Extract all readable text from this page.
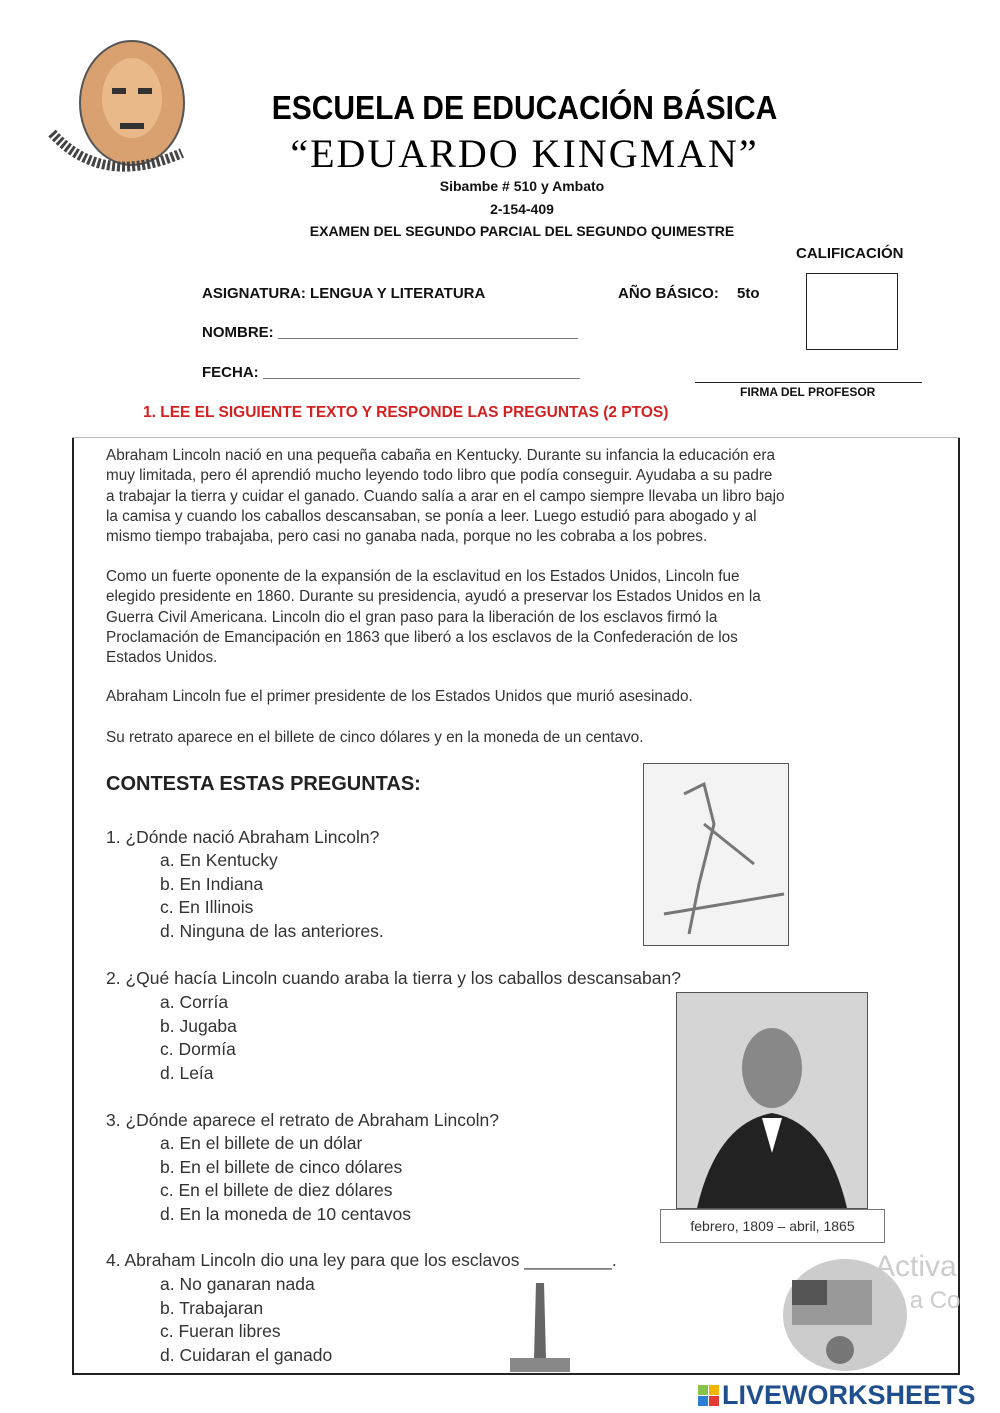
ESCUELA DE EDUCACIÓN BÁSICA
“EDUARDO KINGMAN”
Sibambe # 510 y Ambato
2-154-409
EXAMEN DEL SEGUNDO PARCIAL DEL SEGUNDO QUIMESTRE
CALIFICACIÓN
ASIGNATURA: LENGUA Y LITERATURA	AÑO BÁSICO: 5to
NOMBRE: ____________________________________
FECHA: ______________________________________
FIRMA DEL PROFESOR
1. LEE EL SIGUIENTE TEXTO Y RESPONDE LAS PREGUNTAS (2 PTOS)
Abraham Lincoln nació en una pequeña cabaña en Kentucky. Durante su infancia la educación era
muy limitada, pero él aprendió mucho leyendo todo libro que podía conseguir. Ayudaba a su padre
a trabajar la tierra y cuidar el ganado. Cuando salía a arar en el campo siempre llevaba un libro bajo
la camisa y cuando los caballos descansaban, se ponía a leer. Luego estudió para abogado y al
mismo tiempo trabajaba, pero casi no ganaba nada, porque no les cobraba a los pobres.
Como un fuerte oponente de la expansión de la esclavitud en los Estados Unidos, Lincoln fue
elegido presidente en 1860. Durante su presidencia, ayudó a preservar los Estados Unidos en la
Guerra Civil Americana. Lincoln dio el gran paso para la liberación de los esclavos firmó la
Proclamación de Emancipación en 1863 que liberó a los esclavos de la Confederación de los
Estados Unidos.
Abraham Lincoln fue el primer presidente de los Estados Unidos que murió asesinado.
Su retrato aparece en el billete de cinco dólares y en la moneda de un centavo.
CONTESTA ESTAS PREGUNTAS:
1. ¿Dónde nació Abraham Lincoln?
a. En Kentucky
b. En Indiana
c. En Illinois
d. Ninguna de las anteriores.
2. ¿Qué hacía Lincoln cuando araba la tierra y los caballos descansaban?
a. Corría
b. Jugaba
c. Dormía
d. Leía
febrero, 1809 – abril, 1865
3. ¿Dónde aparece el retrato de Abraham Lincoln?
a. En el billete de un dólar
b. En el billete de cinco dólares
c. En el billete de diez dólares
d. En la moneda de 10 centavos
4. Abraham Lincoln dio una ley para que los esclavos _________.
a. No ganaran nada
b. Trabajaran
c. Fueran libres
d. Cuidaran el ganado
Activa
Ve a Co
LIVEWORKSHEETS
